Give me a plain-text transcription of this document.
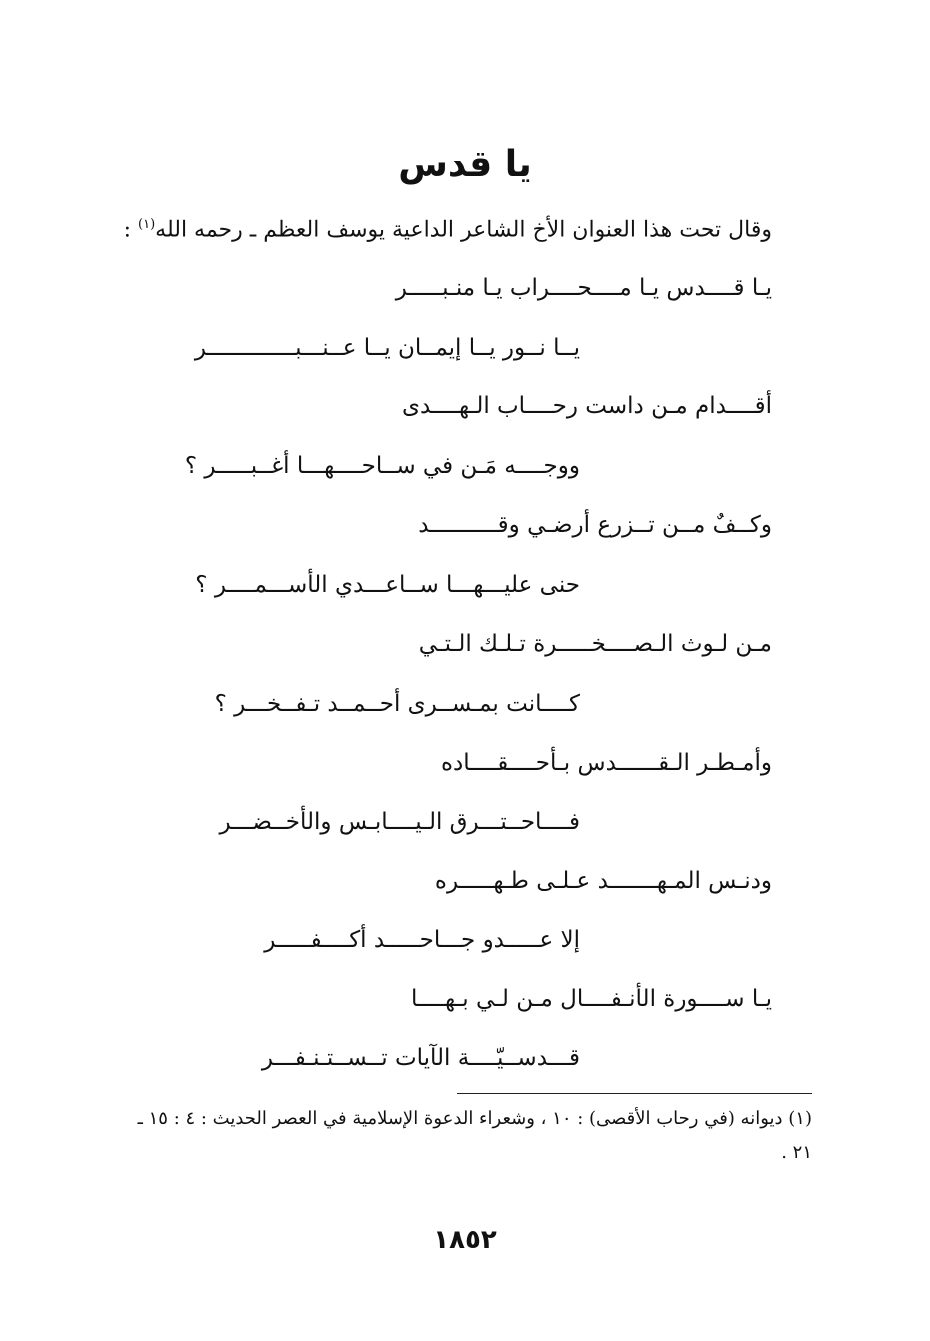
يا قدس
وقال تحت هذا العنوان الأخ الشاعر الداعية يوسف العظم ـ رحمه الله$^{(١)}$ :
يـا قــــدس يـا مــــحــــراب يـا منـبـــــر
يــا نــور يــا إيمــان يــا عــنـــبـــــــــــــر
أقــــدام مـن داست رحــــاب الـهــــدى
ووجــــه مَـن في ســاحــــهـــا أغــبـــــر ؟
وكــفٌ مــن تــزرع أرضـي وقــــــــــد
حنى عليـــهـــا ســاعـــدي الأســـمــــر ؟
مـن لـوث الـصــــخـــــرة تـلـك الـتـي
كــــانت بمـســرى أحــمــد تـفــخـــر ؟
وأمـطـر الـقــــــدس بـأحــــقــــاده
فــــاحــتـــرق الـيــــابـس والأخــضـــر
ودنـس المـهـــــــد عـلـى طـهـــــره
إلا عـــــدو جـــاحـــــد أكــــفـــــر
يـا ســــورة الأنـفــــال مـن لـي بـهــــا
قـــدســيّــــة الآيات تــســتـنـفـــر
(١) ديوانه (في رحاب الأقصى) : ١٠ ، وشعراء الدعوة الإسلامية في العصر الحديث : ٤ : ١٥ ـ
٢١ .
١٨٥٢
